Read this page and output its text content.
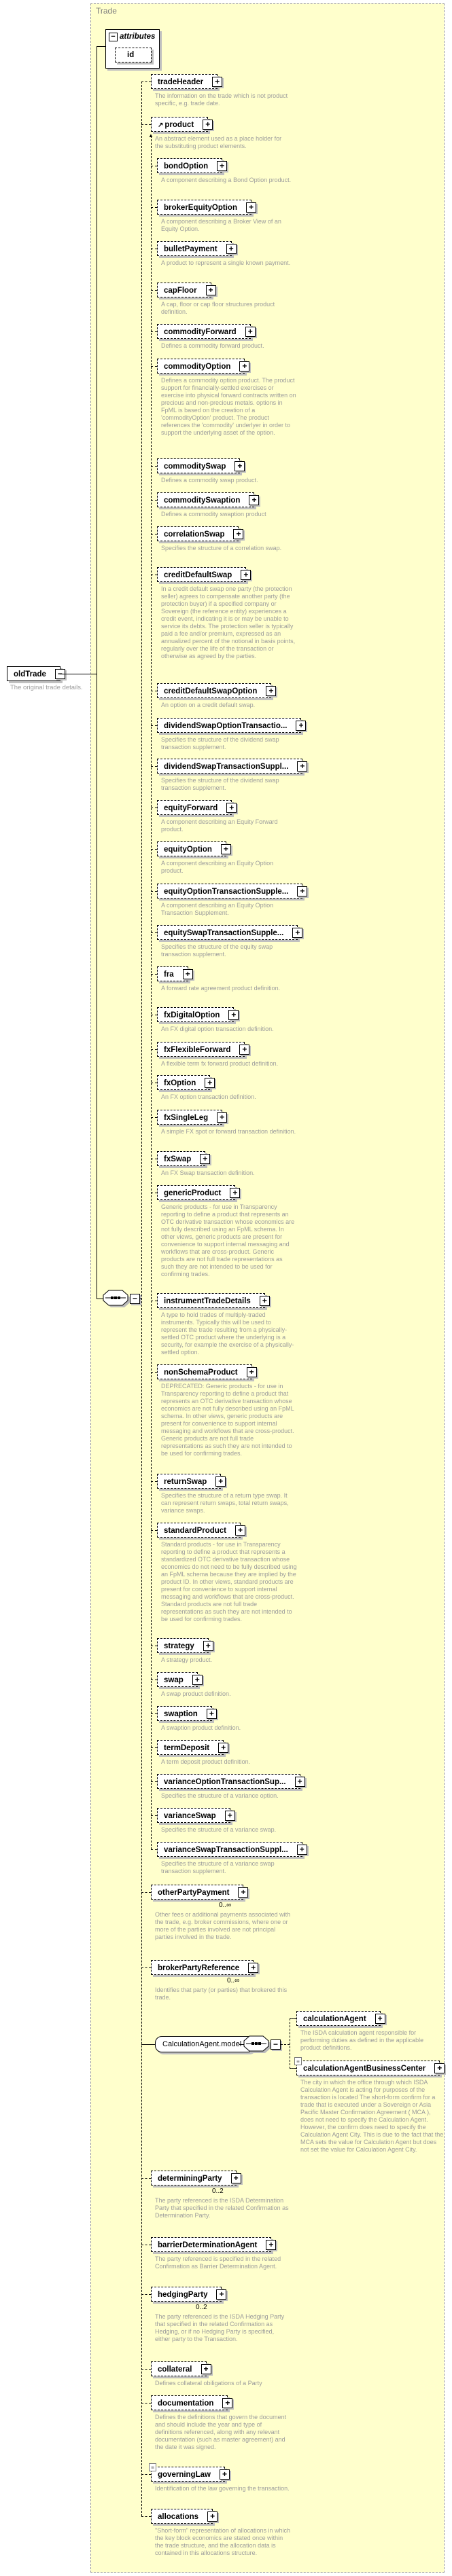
Trade
− attributes
id
oldTrade	−
The original trade details.
−
▲
CalculationAgent.model	−
tradeHeader	+
The information on the trade which is not product specific, e.g. trade date.
↗ product	+
An abstract element used as a place holder for the substituting product elements.
bondOption	+
A component describing a Bond Option product.
brokerEquityOption	+
A component describing a Broker View of an Equity Option.
bulletPayment	+
A product to represent a single known payment.
capFloor	+
A cap, floor or cap floor structures product definition.
commodityForward	+
Defines a commodity forward product.
commodityOption	+
Defines a commodity option product. The product support for financially-settled exercises or exercise into physical forward contracts written on precious and non-precious metals. options in FpML is based on the creation of a 'commodityOption' product. The product references the 'commodity' underlyer in order to support the underlying asset of the option.
commoditySwap	+
Defines a commodity swap product.
commoditySwaption	+
Defines a commodity swaption product
correlationSwap	+
Specifies the structure of a correlation swap.
creditDefaultSwap	+
In a credit default swap one party (the protection seller) agrees to compensate another party (the protection buyer) if a specified company or Sovereign (the reference entity) experiences a credit event, indicating it is or may be unable to service its debts. The protection seller is typically paid a fee and/or premium, expressed as an annualized percent of the notional in basis points, regularly over the life of the transaction or otherwise as agreed by the parties.
creditDefaultSwapOption	+
An option on a credit default swap.
dividendSwapOptionTransactio...	+
Specifies the structure of the dividend swap transaction supplement.
dividendSwapTransactionSuppl...	+
Specifies the structure of the dividend swap transaction supplement.
equityForward	+
A component describing an Equity Forward product.
equityOption	+
A component describing an Equity Option product.
equityOptionTransactionSupple...	+
A component describing an Equity Option Transaction Supplement.
equitySwapTransactionSupple...	+
Specifies the structure of the equity swap transaction supplement.
fra	+
A forward rate agreement product definition.
fxDigitalOption	+
An FX digital option transaction definition.
fxFlexibleForward	+
A flexible term fx forward product definition.
fxOption	+
An FX option transaction definition.
fxSingleLeg	+
A simple FX spot or forward transaction definition.
fxSwap	+
An FX Swap transaction definition.
genericProduct	+
Generic products - for use in Transparency reporting to define a product that represents an OTC derivative transaction whose economics are not fully described using an FpML schema. In other views, generic products are present for convenience to support internal messaging and workflows that are cross-product. Generic products are not full trade representations as such they are not intended to be used for confirming trades.
instrumentTradeDetails	+
A type to hold trades of multiply-traded instruments. Typically this will be used to represent the trade resulting from a physically-settled OTC product where the underlying is a security, for example the exercise of a physically-settled option.
nonSchemaProduct	+
DEPRECATED: Generic products - for use in Transparency reporting to define a product that represents an OTC derivative transaction whose economics are not fully described using an FpML schema. In other views, generic products are present for convenience to support internal messaging and workflows that are cross-product. Generic products are not full trade representations as such they are not intended to be used for confirming trades.
returnSwap	+
Specifies the structure of a return type swap. It can represent return swaps, total return swaps, variance swaps.
standardProduct	+
Standard products - for use in Transparency reporting to define a product that represents a standardized OTC derivative transaction whose economics do not need to be fully described using an FpML schema because they are implied by the product ID. In other views, standard products are present for convenience to support internal messaging and workflows that are cross-product. Standard products are not full trade representations as such they are not intended to be used for confirming trades.
strategy	+
A strategy product.
swap	+
A swap product definition.
swaption	+
A swaption product definition.
termDeposit	+
A term deposit product definition.
varianceOptionTransactionSup...	+
Specifies the structure of a variance option.
varianceSwap	+
Specifies the structure of a variance swap.
varianceSwapTransactionSuppl...	+
Specifies the structure of a variance swap transaction supplement.
otherPartyPayment	+
0..∞
Other fees or additional payments associated with the trade, e.g. broker commissions, where one or more of the parties involved are not principal parties involved in the trade.
brokerPartyReference	+
0..∞
Identifies that party (or parties) that brokered this trade.
calculationAgent	+
The ISDA calculation agent responsible for performing duties as defined in the applicable product definitions.
≡
calculationAgentBusinessCenter	+
The city in which the office through which ISDA Calculation Agent is acting for purposes of the transaction is located The short-form confirm for a trade that is executed under a Sovereign or Asia Pacific Master Confirmation Agreement ( MCA ), does not need to specify the Calculation Agent. However, the confirm does need to specify the Calculation Agent City. This is due to the fact that the MCA sets the value for Calculation Agent but does not set the value for Calculation Agent City.
determiningParty	+
0..2
The party referenced is the ISDA Determination Party that specified in the related Confirmation as Determination Party.
barrierDeterminationAgent	+
The party referenced is specified in the related Confirmation as Barrier Determination Agent.
hedgingParty	+
0..2
The party referenced is the ISDA Hedging Party that specified in the related Confirmation as Hedging, or if no Hedging Party is specified, either party to the Transaction.
collateral	+
Defines collateral obiligations of a Party
documentation	+
Defines the definitions that govern the document and should include the year and type of definitions referenced, along with any relevant documentation (such as master agreement) and the date it was signed.
≡
governingLaw	+
Identification of the law governing the transaction.
allocations	+
"Short-form" representation of allocations in which the key block economics are stated once within the trade structure, and the allocation data is contained in this allocations structure.
